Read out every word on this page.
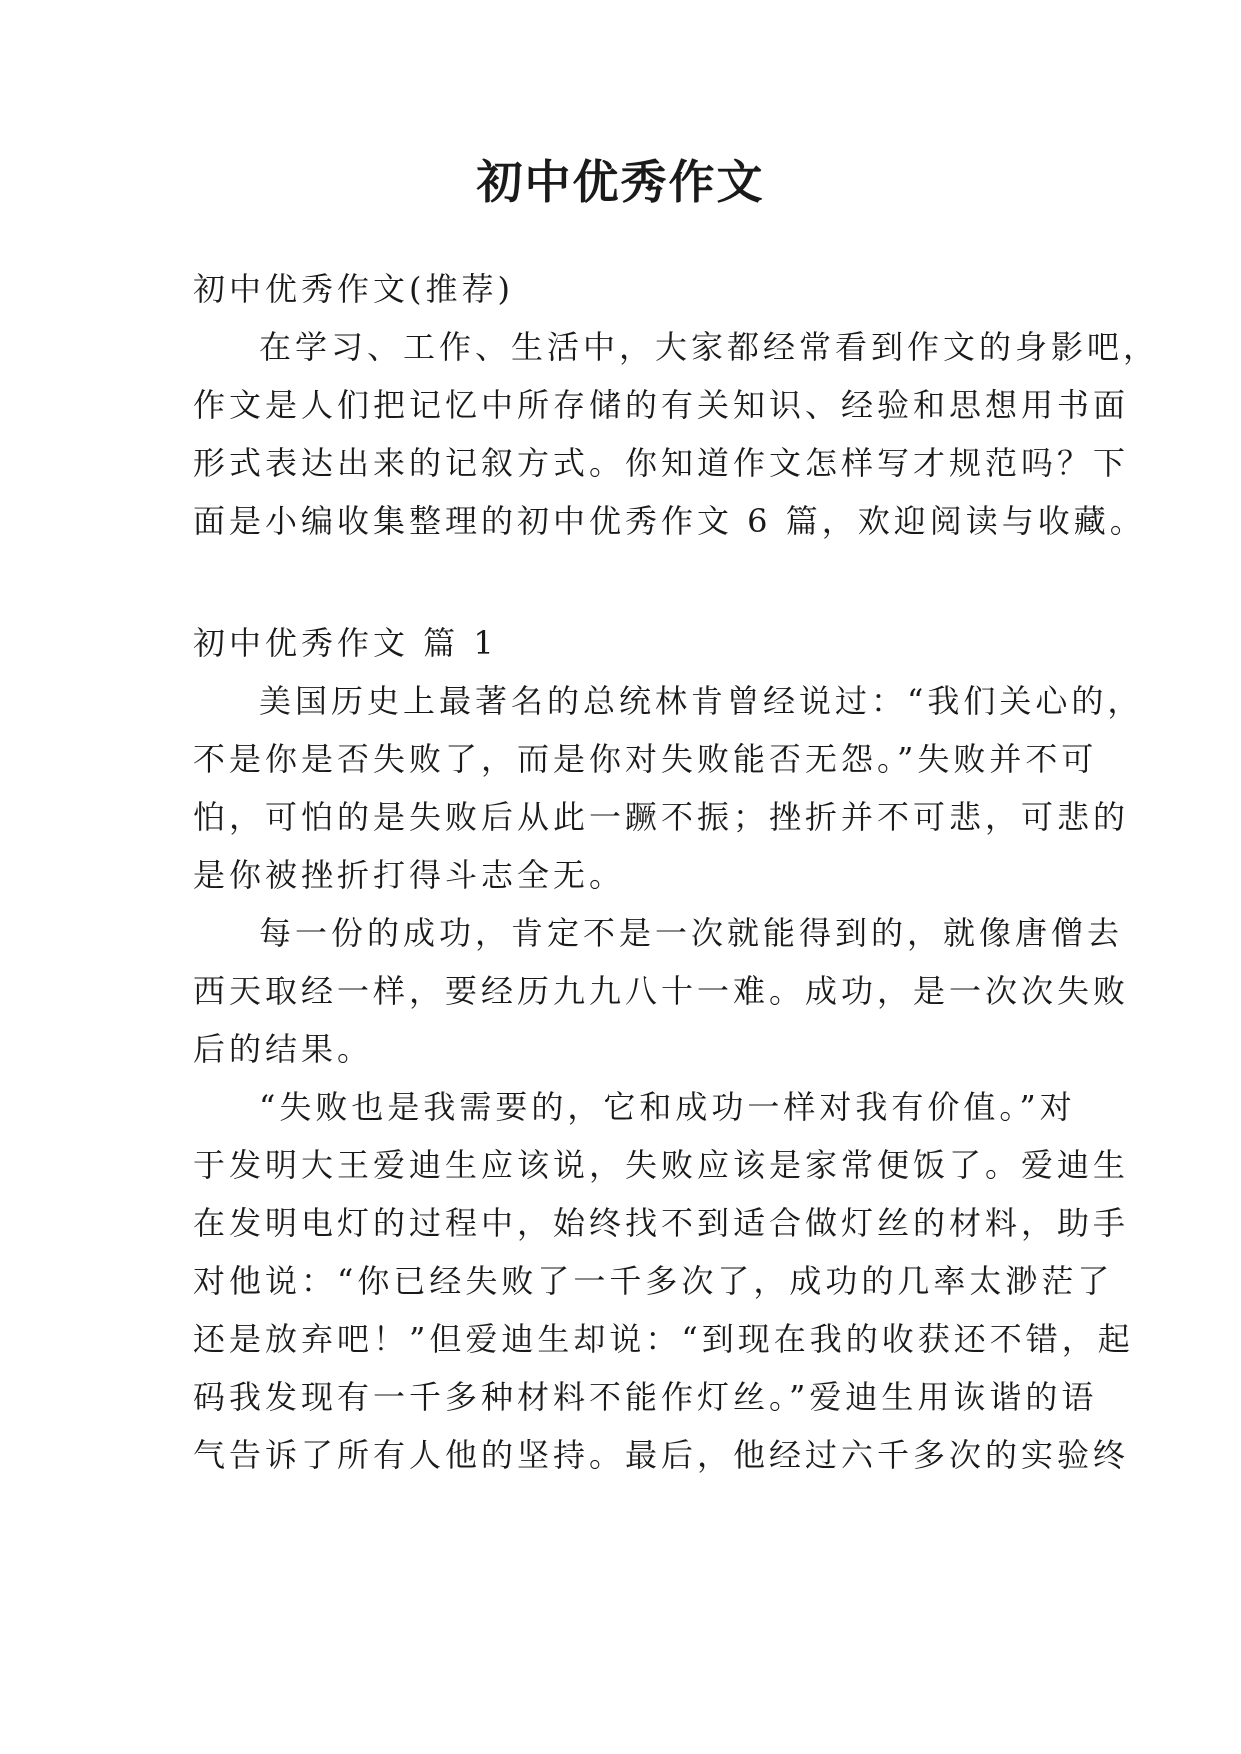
初中优秀作文
初中优秀作文(推荐)
在学习、工作、生活中，大家都经常看到作文的身影吧，
作文是人们把记忆中所存储的有关知识、经验和思想用书面
形式表达出来的记叙方式。你知道作文怎样写才规范吗？下
面是小编收集整理的初中优秀作文 6 篇，欢迎阅读与收藏。
初中优秀作文 篇 1
美国历史上最著名的总统林肯曾经说过：“我们关心的，
不是你是否失败了，而是你对失败能否无怨。”失败并不可
怕，可怕的是失败后从此一蹶不振；挫折并不可悲，可悲的
是你被挫折打得斗志全无。
每一份的成功，肯定不是一次就能得到的，就像唐僧去
西天取经一样，要经历九九八十一难。成功，是一次次失败
后的结果。
“失败也是我需要的，它和成功一样对我有价值。”对
于发明大王爱迪生应该说，失败应该是家常便饭了。爱迪生
在发明电灯的过程中，始终找不到适合做灯丝的材料，助手
对他说：“你已经失败了一千多次了，成功的几率太渺茫了
还是放弃吧！”但爱迪生却说：“到现在我的收获还不错，起
码我发现有一千多种材料不能作灯丝。”爱迪生用诙谐的语
气告诉了所有人他的坚持。最后，他经过六千多次的实验终
